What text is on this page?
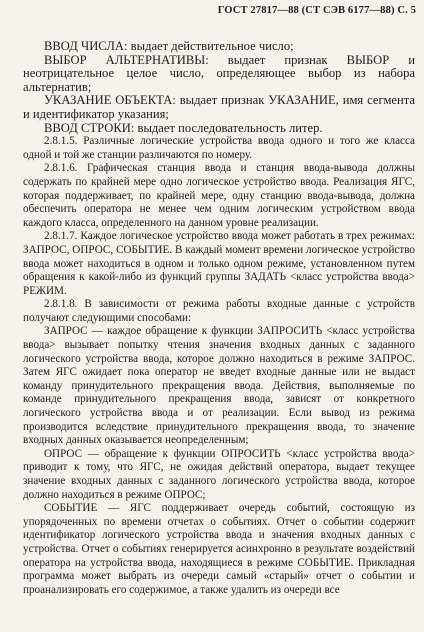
ГОСТ 27817—88 (СТ СЭВ 6177—88) С. 5

ВВОД ЧИСЛА: выдает действительное число;

ВЫБОР АЛЬТЕРНАТИВЫ: выдает признак ВЫБОР и неотрицательное целое число, определяющее выбор из набора альтернатив;

УКАЗАНИЕ ОБЪЕКТА: выдает признак УКАЗАНИЕ, имя сегмента и идентификатор указания;

ВВОД СТРОКИ: выдает последовательность литер.

2.8.1.5. Различные логические устройства ввода одного и того же класса одной и той же станции различаются по номеру.

2.8.1.6. Графическая станция ввода и станция ввода-вывода должны содержать по крайней мере одно логическое устройство ввода. Реализация ЯГС, которая поддерживает, по крайней мере, одну станцию ввода-вывода, должна обеспечить оператора не менее чем одним логическим устройством ввода каждого класса, определенного на данном уровне реализации.

2.8.1.7. Каждое логическое устройство ввода может работать в трех режимах: ЗАПРОС, ОПРОС, СОБЫТИЕ. В каждый момент времени логическое устройство ввода может находиться в одном и только одном режиме, установленном путем обращения к какой-либо из функций группы ЗАДАТЬ <класс устройства ввода> РЕЖИМ.

2.8.1.8. В зависимости от режима работы входные данные с устройств получают следующими способами:

ЗАПРОС — каждое обращение к функции ЗАПРОСИТЬ <класс устройства ввода> вызывает попытку чтения значения входных данных с заданного логического устройства ввода, которое должно находиться в режиме ЗАПРОС. Затем ЯГС ожидает пока оператор не введет входные данные или не выдаст команду принудительного прекращения ввода. Действия, выполняемые по команде принудительного прекращения ввода, зависят от конкретного логического устройства ввода и от реализации. Если вывод из режима производится вследствие принудительного прекращения ввода, то значение входных данных оказывается неопределенным;

ОПРОС — обращение к функции ОПРОСИТЬ <класс устройства ввода> приводит к тому, что ЯГС, не ожидая действий оператора, выдает текущее значение входных данных с заданного логического устройства ввода, которое должно находиться в режиме ОПРОС;

СОБЫТИЕ — ЯГС поддерживает очередь событий, состоящую из упорядоченных по времени отчетах о событиях. Отчет о событии содержит идентификатор логического устройства ввода и значения входных данных с устройства. Отчет о событиях генерируется асинхронно в результате воздействий оператора на устройства ввода, находящиеся в режиме СОБЫТИЕ. Прикладная программа может выбрать из очереди самый «старый» отчет о событии и проанализировать его содержимое, а также удалить из очереди все
